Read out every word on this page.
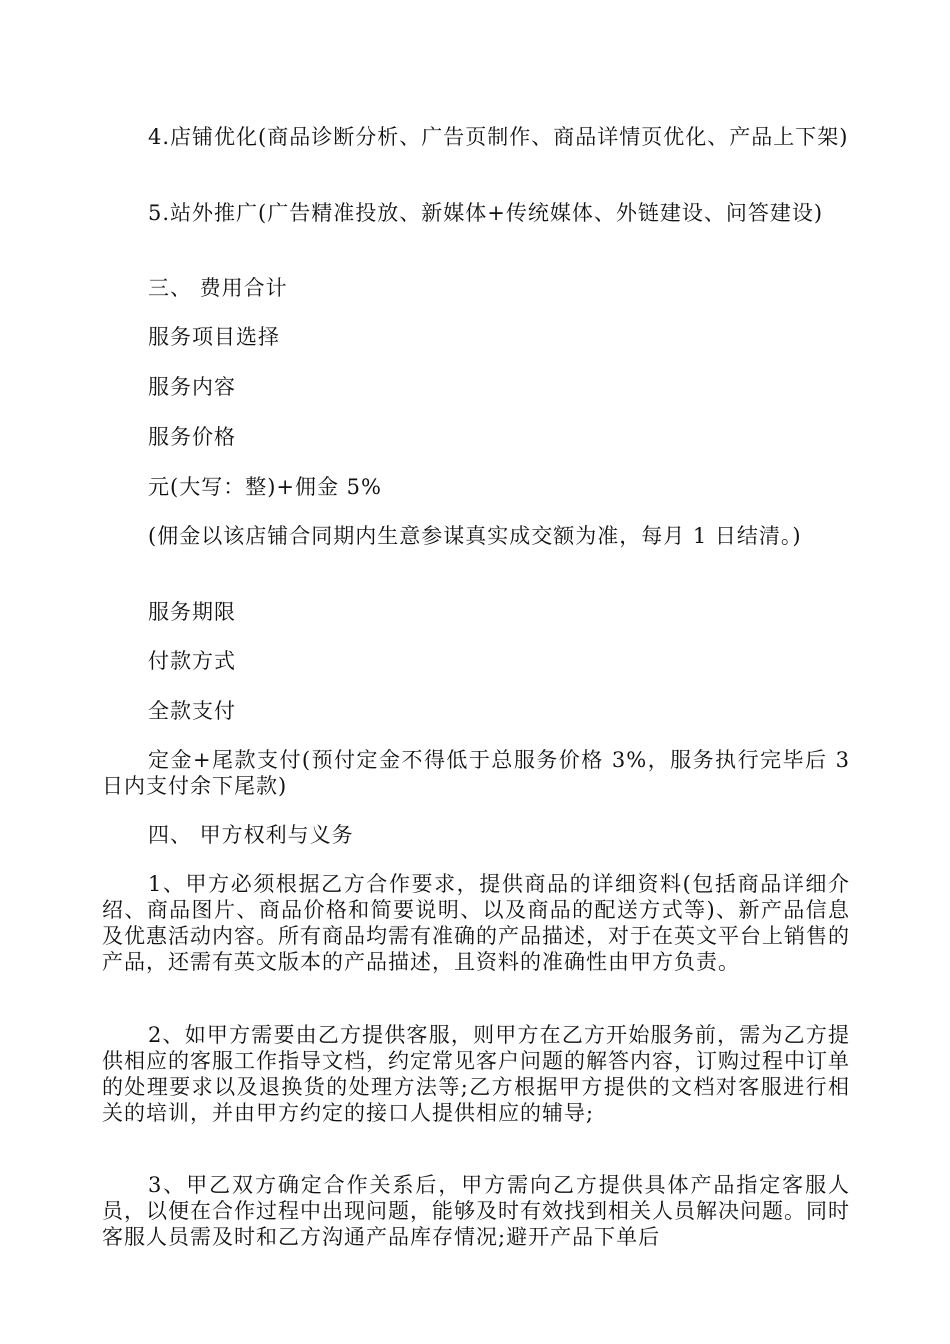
4.店铺优化(商品诊断分析、广告页制作、商品详情页优化、产品上下架)

5.站外推广(广告精准投放、新媒体+传统媒体、外链建设、问答建设)

三、 费用合计

服务项目选择

服务内容

服务价格

元(大写：整)+佣金 5%

(佣金以该店铺合同期内生意参谋真实成交额为准，每月 1 日结清。)

服务期限

付款方式

全款支付

定金+尾款支付(预付定金不得低于总服务价格 3%，服务执行完毕后 3 日内支付余下尾款)

四、 甲方权利与义务

1、甲方必须根据乙方合作要求，提供商品的详细资料(包括商品详细介绍、商品图片、商品价格和简要说明、以及商品的配送方式等)、新产品信息及优惠活动内容。所有商品均需有准确的产品描述，对于在英文平台上销售的产品，还需有英文版本的产品描述，且资料的准确性由甲方负责。

2、如甲方需要由乙方提供客服，则甲方在乙方开始服务前，需为乙方提供相应的客服工作指导文档，约定常见客户问题的解答内容，订购过程中订单的处理要求以及退换货的处理方法等;乙方根据甲方提供的文档对客服进行相关的培训，并由甲方约定的接口人提供相应的辅导;

3、甲乙双方确定合作关系后，甲方需向乙方提供具体产品指定客服人员，以便在合作过程中出现问题，能够及时有效找到相关人员解决问题。同时客服人员需及时和乙方沟通产品库存情况;避开产品下单后
